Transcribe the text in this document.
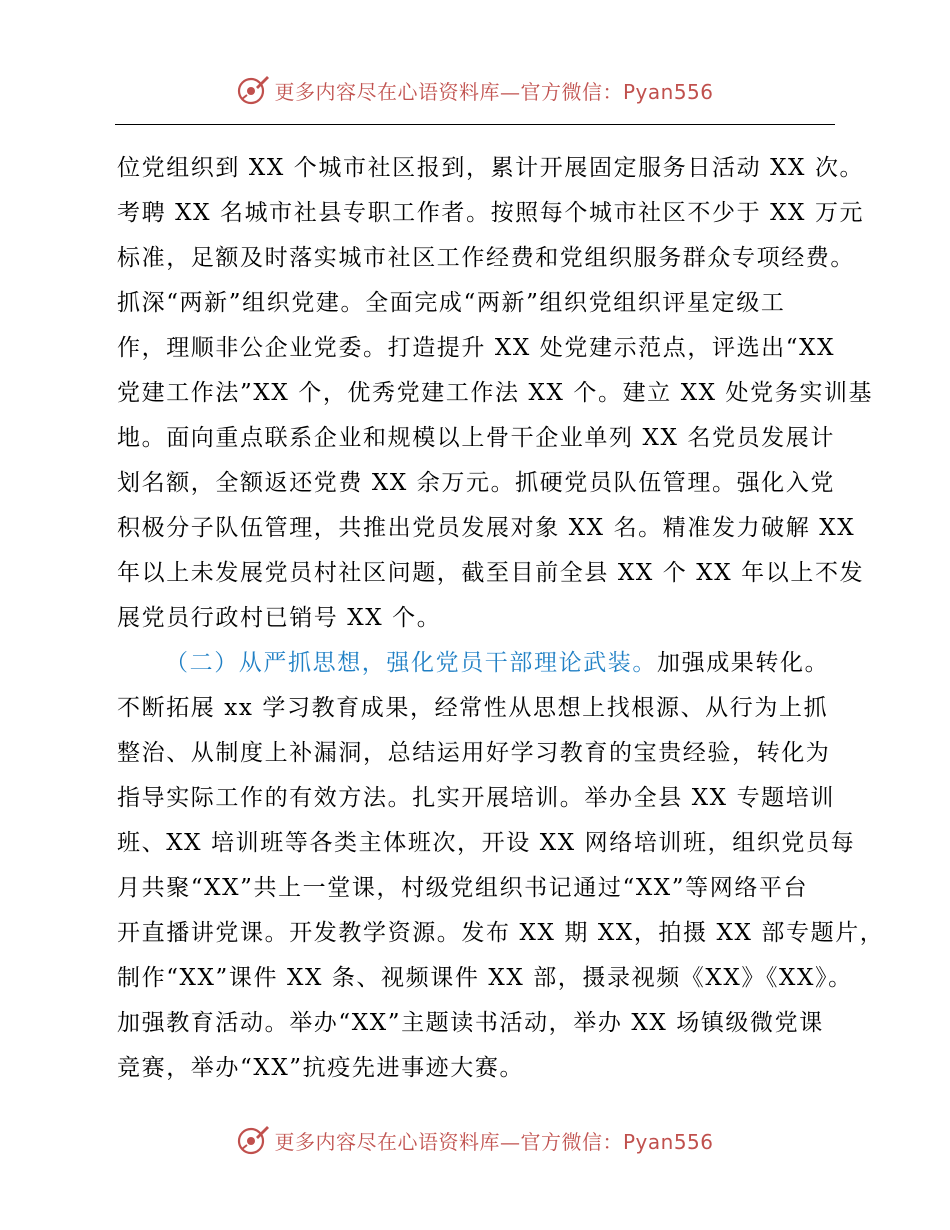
更多内容尽在心语资料库—官方微信：Pyan556
位党组织到 XX 个城市社区报到，累计开展固定服务日活动 XX 次。
考聘 XX 名城市社县专职工作者。按照每个城市社区不少于 XX 万元
标准，足额及时落实城市社区工作经费和党组织服务群众专项经费。
抓深“两新”组织党建。全面完成“两新”组织党组织评星定级工
作，理顺非公企业党委。打造提升 XX 处党建示范点，评选出“XX
党建工作法”XX 个，优秀党建工作法 XX 个。建立 XX 处党务实训基
地。面向重点联系企业和规模以上骨干企业单列 XX 名党员发展计
划名额，全额返还党费 XX 余万元。抓硬党员队伍管理。强化入党
积极分子队伍管理，共推出党员发展对象 XX 名。精准发力破解 XX
年以上未发展党员村社区问题，截至目前全县 XX 个 XX 年以上不发
展党员行政村已销号 XX 个。
（二）从严抓思想，强化党员干部理论武装。加强成果转化。
不断拓展 xx 学习教育成果，经常性从思想上找根源、从行为上抓
整治、从制度上补漏洞，总结运用好学习教育的宝贵经验，转化为
指导实际工作的有效方法。扎实开展培训。举办全县 XX 专题培训
班、XX 培训班等各类主体班次，开设 XX 网络培训班，组织党员每
月共聚“XX”共上一堂课，村级党组织书记通过“XX”等网络平台
开直播讲党课。开发教学资源。发布 XX 期 XX，拍摄 XX 部专题片，
制作“XX”课件 XX 条、视频课件 XX 部，摄录视频《XX》《XX》。
加强教育活动。举办“XX”主题读书活动，举办 XX 场镇级微党课
竞赛，举办“XX”抗疫先进事迹大赛。
更多内容尽在心语资料库—官方微信：Pyan556
